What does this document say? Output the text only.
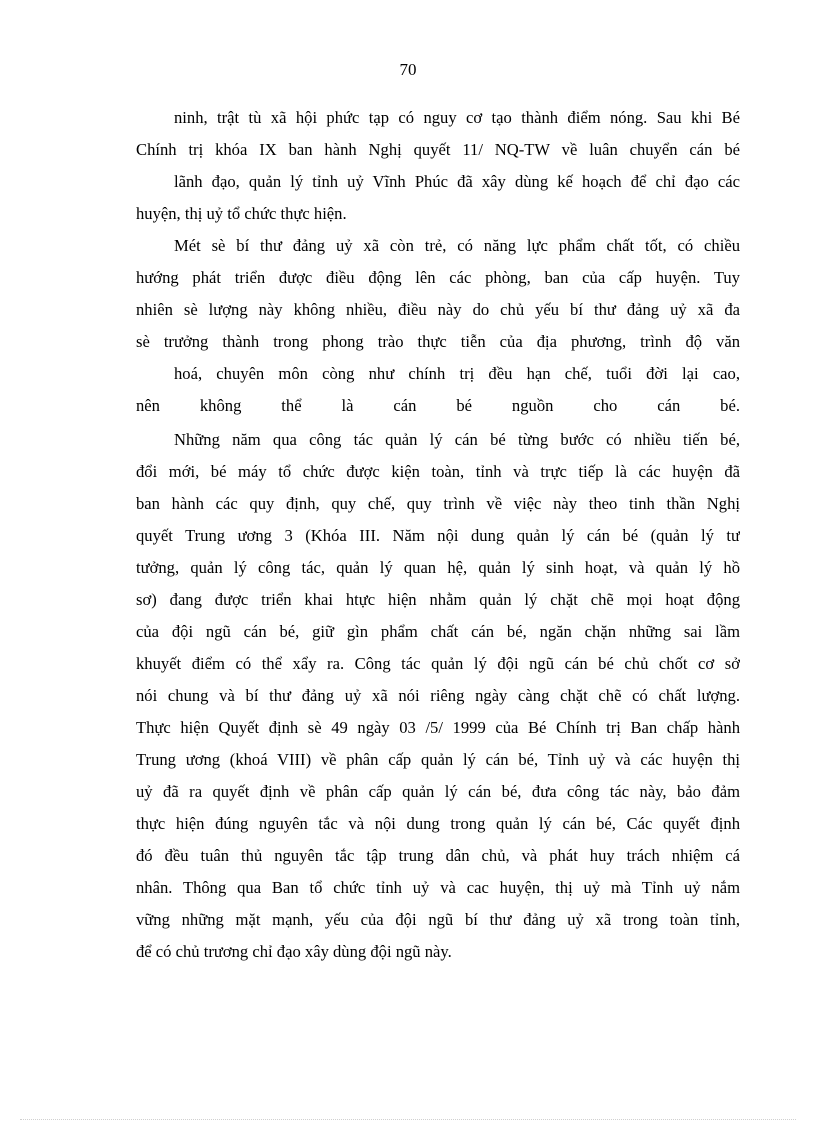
70
ninh, trật tù xã hội phức tạp có nguy cơ tạo thành điểm nóng. Sau khi Bé
Chính trị khóa IX ban hành Nghị quyết 11/ NQ-TW về luân chuyển cán bé
lãnh đạo, quản lý tỉnh uỷ Vĩnh Phúc đã xây dùng kế hoạch để chỉ đạo các
huyện, thị uỷ tổ chức thực hiện.
Mét sè bí thư đảng uỷ xã còn trẻ, có năng lực phẩm chất tốt, có chiều
hướng phát triển được điều động lên các phòng, ban của cấp huyện. Tuy
nhiên sè lượng này không nhiều, điều này do chủ yếu bí thư đảng uỷ xã đa
sè trưởng thành trong phong trào thực tiễn của địa phương, trình độ văn
hoá, chuyên môn còng như chính trị đều hạn chế, tuổi đời lại cao,
nên không thể là cán bé nguồn cho cán bé.
Những năm qua công tác quản lý cán bé từng bước có nhiều tiến bé,
đổi mới, bé máy tổ chức được kiện toàn, tỉnh và trực tiếp là các huyện đã
ban hành các quy định, quy chế, quy trình về việc này theo tinh thần Nghị
quyết Trung ương 3 (Khóa III. Năm nội dung quản lý cán bé (quản lý tư
tưởng, quản lý công tác, quản lý quan hệ, quản lý sinh hoạt, và quản lý hồ
sơ) đang được triển khai htực hiện nhằm quản lý chặt chẽ mọi hoạt động
của đội ngũ cán bé, giữ gìn phẩm chất cán bé, ngăn chặn những sai lầm
khuyết điểm có thể xẩy ra. Công tác quản lý đội ngũ cán bé chủ chốt cơ sở
nói chung và bí thư đảng uỷ xã nói riêng ngày càng chặt chẽ có chất lượng.
Thực hiện Quyết định sè 49 ngày 03 /5/ 1999 của Bé Chính trị Ban chấp hành
Trung ương (khoá VIII) về phân cấp quản lý cán bé, Tỉnh uỷ và các huyện thị
uỷ đã ra quyết định về phân cấp quản lý cán bé, đưa công tác này, bảo đảm
thực hiện đúng nguyên tắc và nội dung trong quản lý cán bé, Các quyết định
đó đều tuân thủ nguyên tắc tập trung dân chủ, và phát huy trách nhiệm cá
nhân. Thông qua Ban tổ chức tỉnh uỷ và cac huyện, thị uỷ mà Tỉnh uỷ nắm
vững những mặt mạnh, yếu của đội ngũ bí thư đảng uỷ xã trong toàn tỉnh,
để có chủ trương chỉ đạo xây dùng đội ngũ này.
